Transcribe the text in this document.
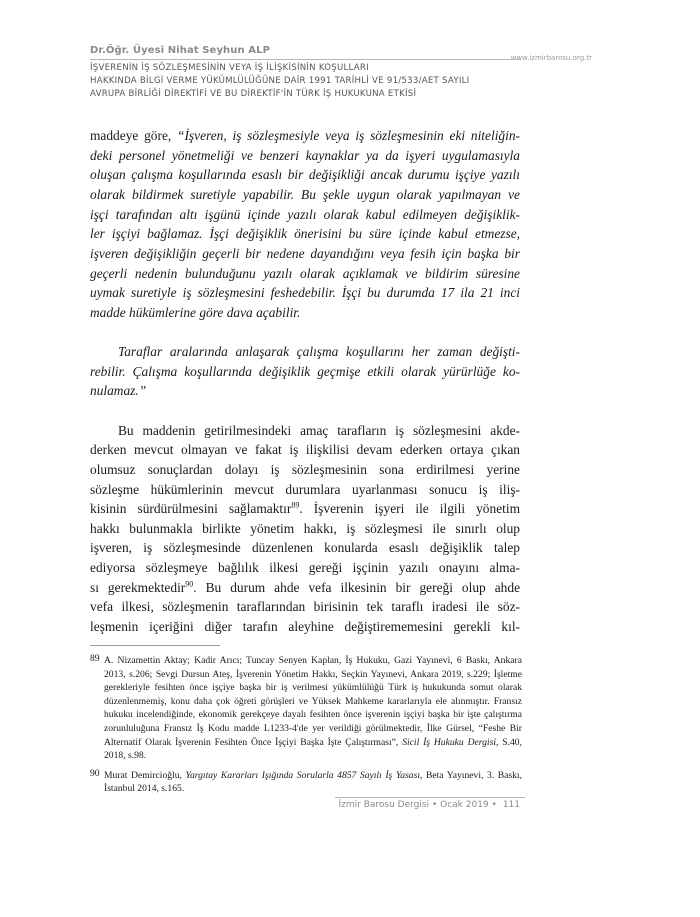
Dr.Öğr. Üyesi Nihat Seyhun ALP
www.izmirbarosu.org.tr
İŞVERENİN İŞ SÖZLEŞMESİNİN VEYA İŞ İLİŞKİSİNİN KOŞULLARI
HAKKINDA BİLGİ VERME YÜKÜMLÜLÜĞÜNE DAİR 1991 TARİHLİ VE 91/533/AET SAYILI
AVRUPA BİRLİĞİ DİREKTİFİ VE BU DİREKTİF'İN TÜRK İŞ HUKUKUNA ETKİSİ
maddeye göre, “İşveren, iş sözleşmesiyle veya iş sözleşmesinin eki niteliğin-
deki personel yönetmeliği ve benzeri kaynaklar ya da işyeri uygulamasıyla
oluşan çalışma koşullarında esaslı bir değişikliği ancak durumu işçiye yazılı
olarak bildirmek suretiyle yapabilir. Bu şekle uygun olarak yapılmayan ve
işçi tarafından altı işgünü içinde yazılı olarak kabul edilmeyen değişiklik-
ler işçiyi bağlamaz. İşçi değişiklik önerisini bu süre içinde kabul etmezse,
işveren değişikliğin geçerli bir nedene dayandığını veya fesih için başka bir
geçerli nedenin bulunduğunu yazılı olarak açıklamak ve bildirim süresine
uymak suretiyle iş sözleşmesini feshedebilir. İşçi bu durumda 17 ila 21 inci
madde hükümlerine göre dava açabilir.
Taraflar aralarında anlaşarak çalışma koşullarını her zaman değişti-
rebilir. Çalışma koşullarında değişiklik geçmişe etkili olarak yürürlüğe ko-
nulamaz.”
Bu maddenin getirilmesindeki amaç tarafların iş sözleşmesini akde-
derken mevcut olmayan ve fakat iş ilişkilisi devam ederken ortaya çıkan
olumsuz sonuçlardan dolayı iş sözleşmesinin sona erdirilmesi yerine
sözleşme hükümlerinin mevcut durumlara uyarlanması sonucu iş iliş-
kisinin sürdürülmesini sağlamaktır$^{89}$. İşverenin işyeri ile ilgili yönetim
hakkı bulunmakla birlikte yönetim hakkı, iş sözleşmesi ile sınırlı olup
işveren, iş sözleşmesinde düzenlenen konularda esaslı değişiklik talep
ediyorsa sözleşmeye bağlılık ilkesi gereği işçinin yazılı onayını alma-
sı gerekmektedir$^{90}$. Bu durum ahde vefa ilkesinin bir gereği olup ahde
vefa ilkesi, sözleşmenin taraflarından birisinin tek taraflı iradesi ile söz-
leşmenin içeriğini diğer tarafın aleyhine değiştirememesini gerekli kıl-
89 A. Nizamettin Aktay; Kadir Arıcı; Tuncay Senyen Kaplan, İş Hukuku, Gazi Yayınevi, 6 Baskı, Ankara
2013, s.206; Sevgi Dursun Ateş, İşverenin Yönetim Hakkı, Seçkin Yayınevi, Ankara 2019, s.229; İşletme
gerekleriyle fesihten önce işçiye başka bir iş verilmesi yükümlülüğü Türk iş hukukunda somut olarak
düzenlenmemiş, konu daha çok öğreti görüşleri ve Yüksek Mahkeme kararlarıyla ele alınmıştır. Fransız
hukuku incelendiğinde, ekonomik gerekçeye dayalı fesihten önce işverenin işçiyi başka bir işte çalıştırma
zorunluluğuna Fransız İş Kodu madde L1233-4'de yer verildiği görülmektedir, İlke Gürsel, “Feshe Bir
Alternatif Olarak İşverenin Fesihten Önce İşçiyi Başka İşte Çalıştırması”, Sicil İş Hukuku Dergisi, S.40,
2018, s.98.
90 Murat Demircioğlu, Yargıtay Kararları Işığında Sorularla 4857 Sayılı İş Yasası, Beta Yayınevi, 3. Baskı,
İstanbul 2014, s.165.
İzmir Barosu Dergisi • Ocak 2019 • 111
